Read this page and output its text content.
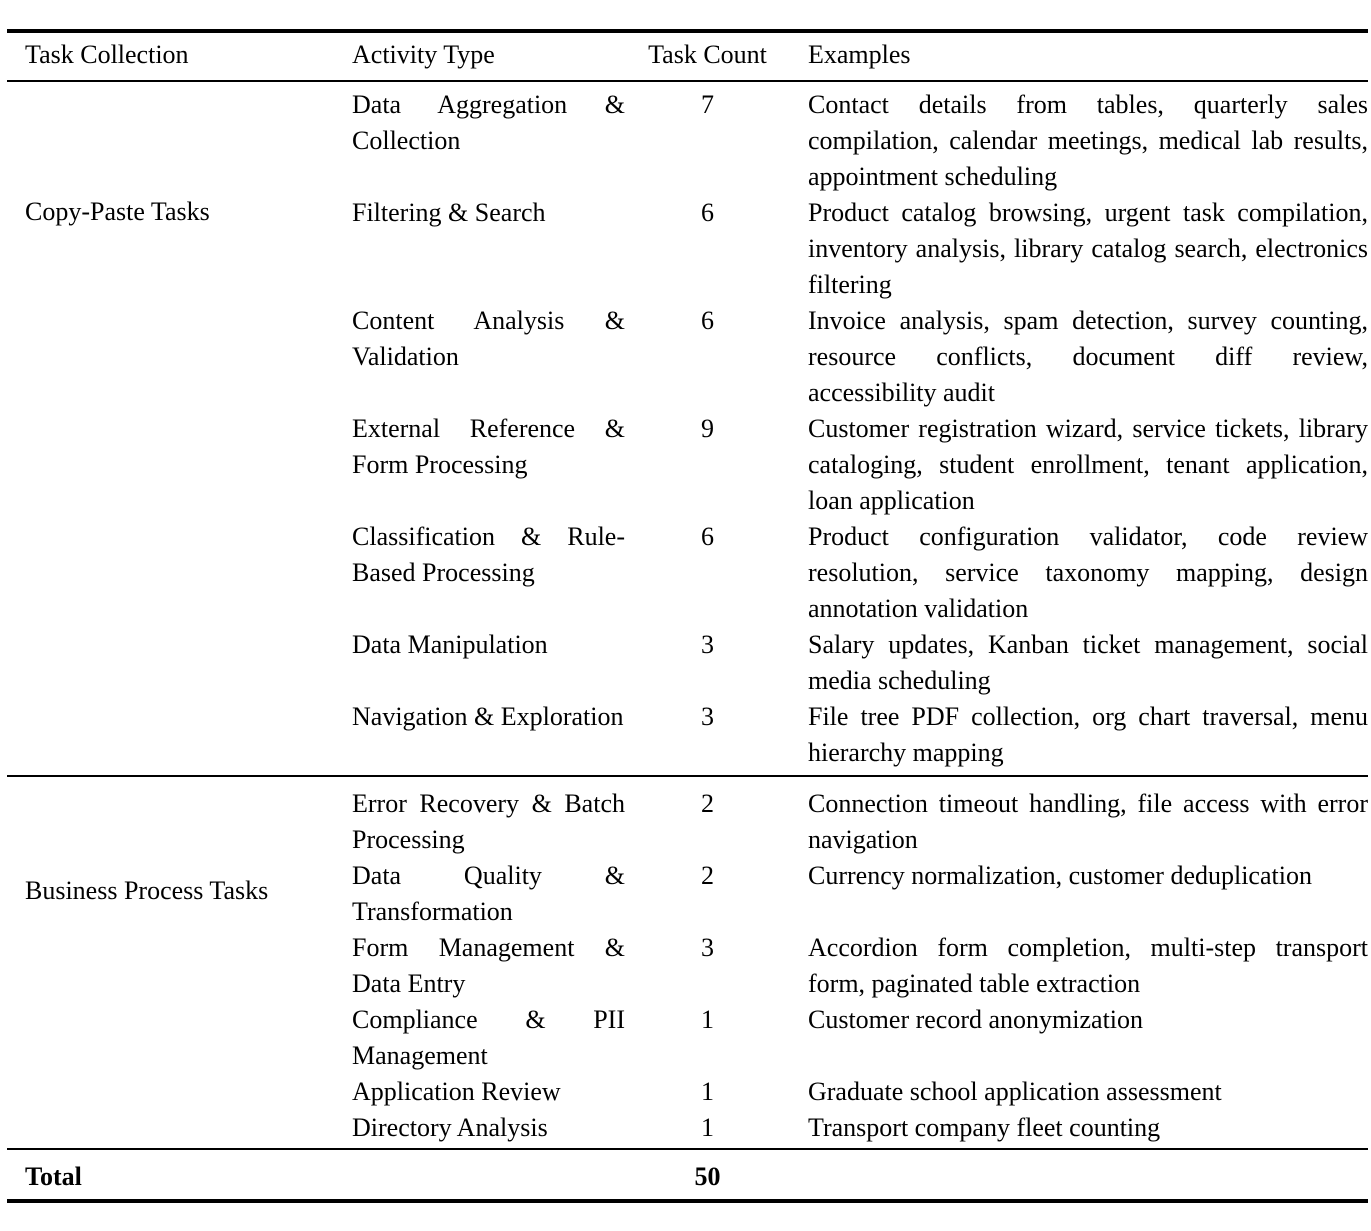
Task Collection	Activity Type	Task Count	Examples
Copy-Paste Tasks	Data Aggregation & Collection	7	Contact details from tables, quarterly sales compilation, calendar meetings, medical lab results, appointment scheduling
	Filtering & Search	6	Product catalog browsing, urgent task compilation, inventory analysis, library catalog search, electronics filtering
	Content Analysis & Validation	6	Invoice analysis, spam detection, survey counting, resource conflicts, document diff review, accessibility audit
	External Reference & Form Processing	9	Customer registration wizard, service tickets, library cataloging, student enrollment, tenant application, loan application
	Classification & Rule-Based Processing	6	Product configuration validator, code review resolution, service taxonomy mapping, design annotation validation
	Data Manipulation	3	Salary updates, Kanban ticket management, social media scheduling
	Navigation & Exploration	3	File tree PDF collection, org chart traversal, menu hierarchy mapping
Business Process Tasks	Error Recovery & Batch Processing	2	Connection timeout handling, file access with error navigation
	Data Quality & Transformation	2	Currency normalization, customer deduplication
	Form Management & Data Entry	3	Accordion form completion, multi-step transport form, paginated table extraction
	Compliance & PII Management	1	Customer record anonymization
	Application Review	1	Graduate school application assessment
	Directory Analysis	1	Transport company fleet counting
Total		50	
